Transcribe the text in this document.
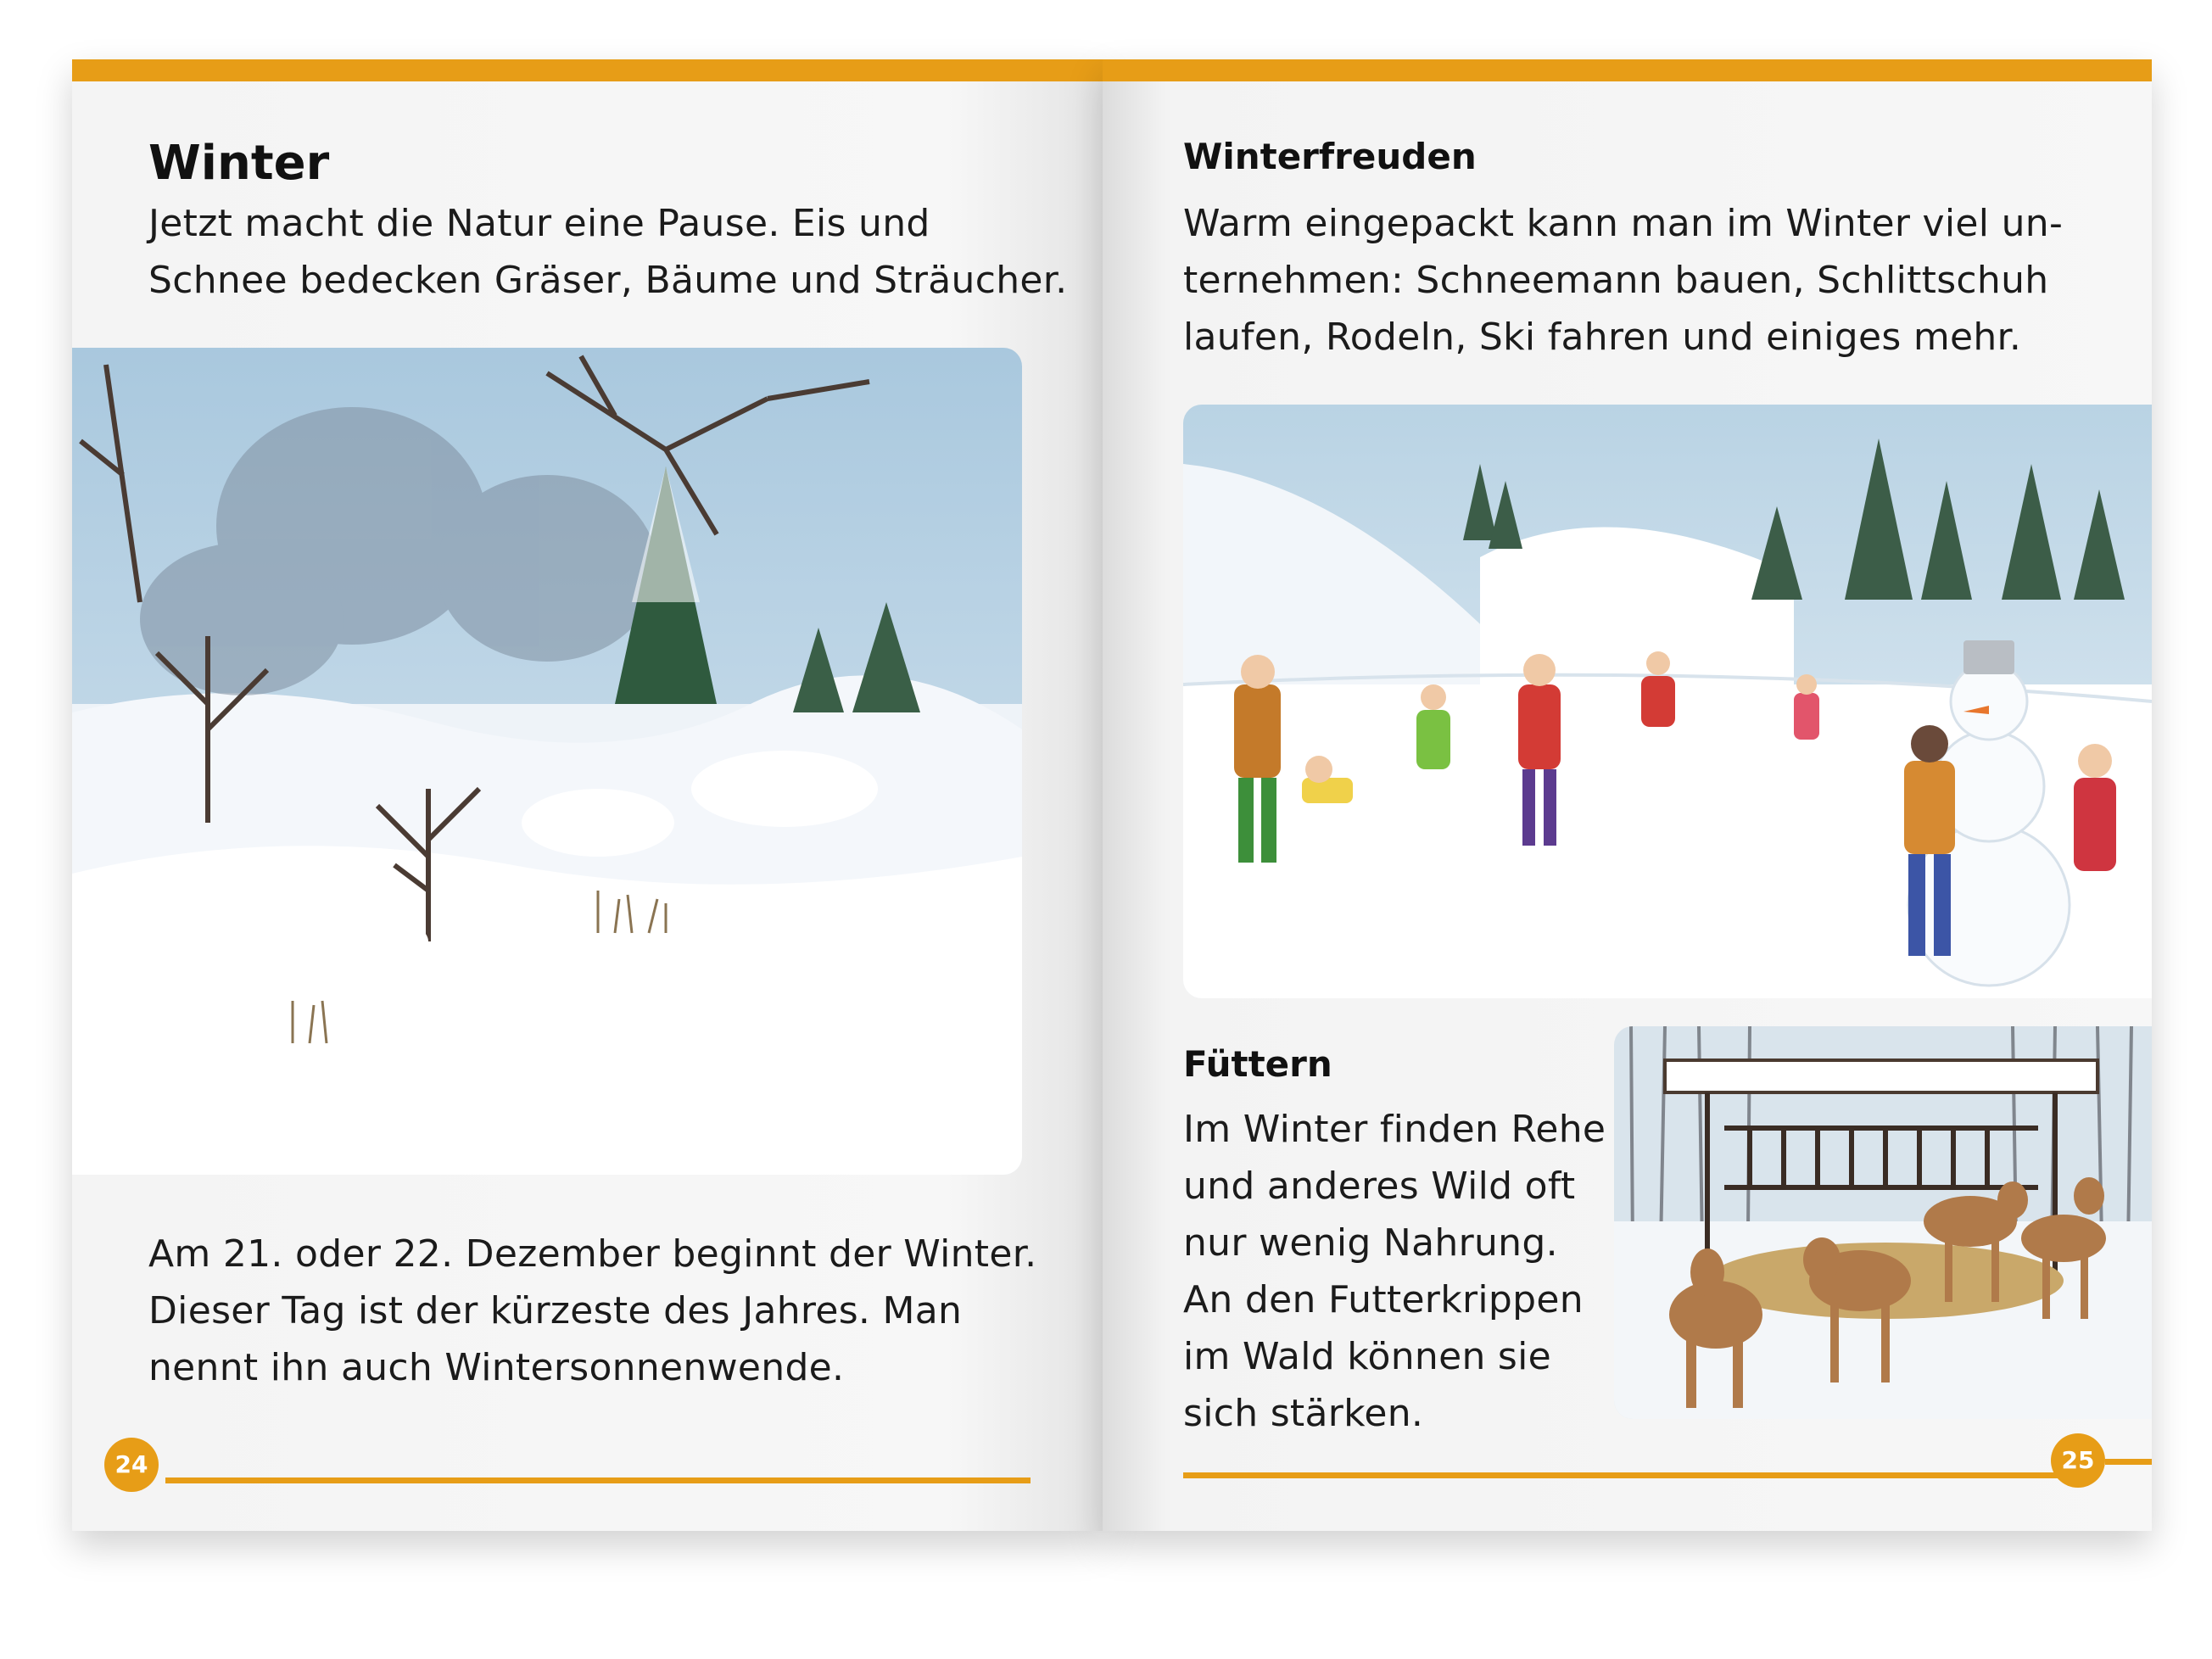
Winter
Jetzt macht die Natur eine Pause. Eis und
Schnee bedecken Gräser, Bäume und Sträucher.
Am 21. oder 22. Dezember beginnt der Winter.
Dieser Tag ist der kürzeste des Jahres. Man
nennt ihn auch Wintersonnenwende.
24
Winterfreuden
Warm eingepackt kann man im Winter viel un-
ternehmen: Schneemann bauen, Schlittschuh
laufen, Rodeln, Ski fahren und einiges mehr.
Füttern
Im Winter finden Rehe
und anderes Wild oft
nur wenig Nahrung.
An den Futterkrippen
im Wald können sie
sich stärken.
25
